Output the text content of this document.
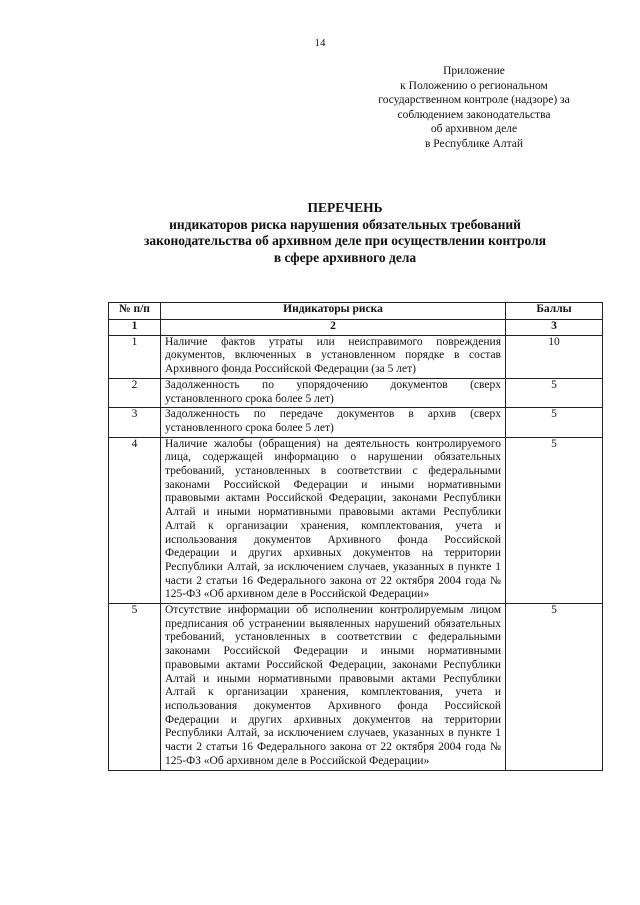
14
Приложение
к Положению о региональном
государственном контроле (надзоре) за
соблюдением законодательства
об архивном деле
в Республике Алтай
ПЕРЕЧЕНЬ
индикаторов риска нарушения обязательных требований
законодательства об архивном деле при осуществлении контроля
в сфере архивного дела
№ п/п	Индикаторы риска	Баллы
1	2	3
1	Наличие фактов утраты или неисправимого повреждения документов, включенных в установленном порядке в состав Архивного фонда Российской Федерации (за 5 лет)	10
2	Задолженность по упорядочению документов (сверх установленного срока более 5 лет)	5
3	Задолженность по передаче документов в архив (сверх установленного срока более 5 лет)	5
4	Наличие жалобы (обращения) на деятельность контролируемого лица, содержащей информацию о нарушении обязательных требований, установленных в соответствии с федеральными законами Российской Федерации и иными нормативными правовыми актами Российской Федерации, законами Республики Алтай и иными нормативными правовыми актами Республики Алтай к организации хранения, комплектования, учета и использования документов Архивного фонда Российской Федерации и других архивных документов на территории Республики Алтай, за исключением случаев, указанных в пункте 1 части 2 статьи 16 Федерального закона от 22 октября 2004 года № 125-ФЗ «Об архивном деле в Российской Федерации»	5
5	Отсутствие информации об исполнении контролируемым лицом предписания об устранении выявленных нарушений обязательных требований, установленных в соответствии с федеральными законами Российской Федерации и иными нормативными правовыми актами Российской Федерации, законами Республики Алтай и иными нормативными правовыми актами Республики Алтай к организации хранения, комплектования, учета и использования документов Архивного фонда Российской Федерации и других архивных документов на территории Республики Алтай, за исключением случаев, указанных в пункте 1 части 2 статьи 16 Федерального закона от 22 октября 2004 года № 125-ФЗ «Об архивном деле в Российской Федерации»	5
